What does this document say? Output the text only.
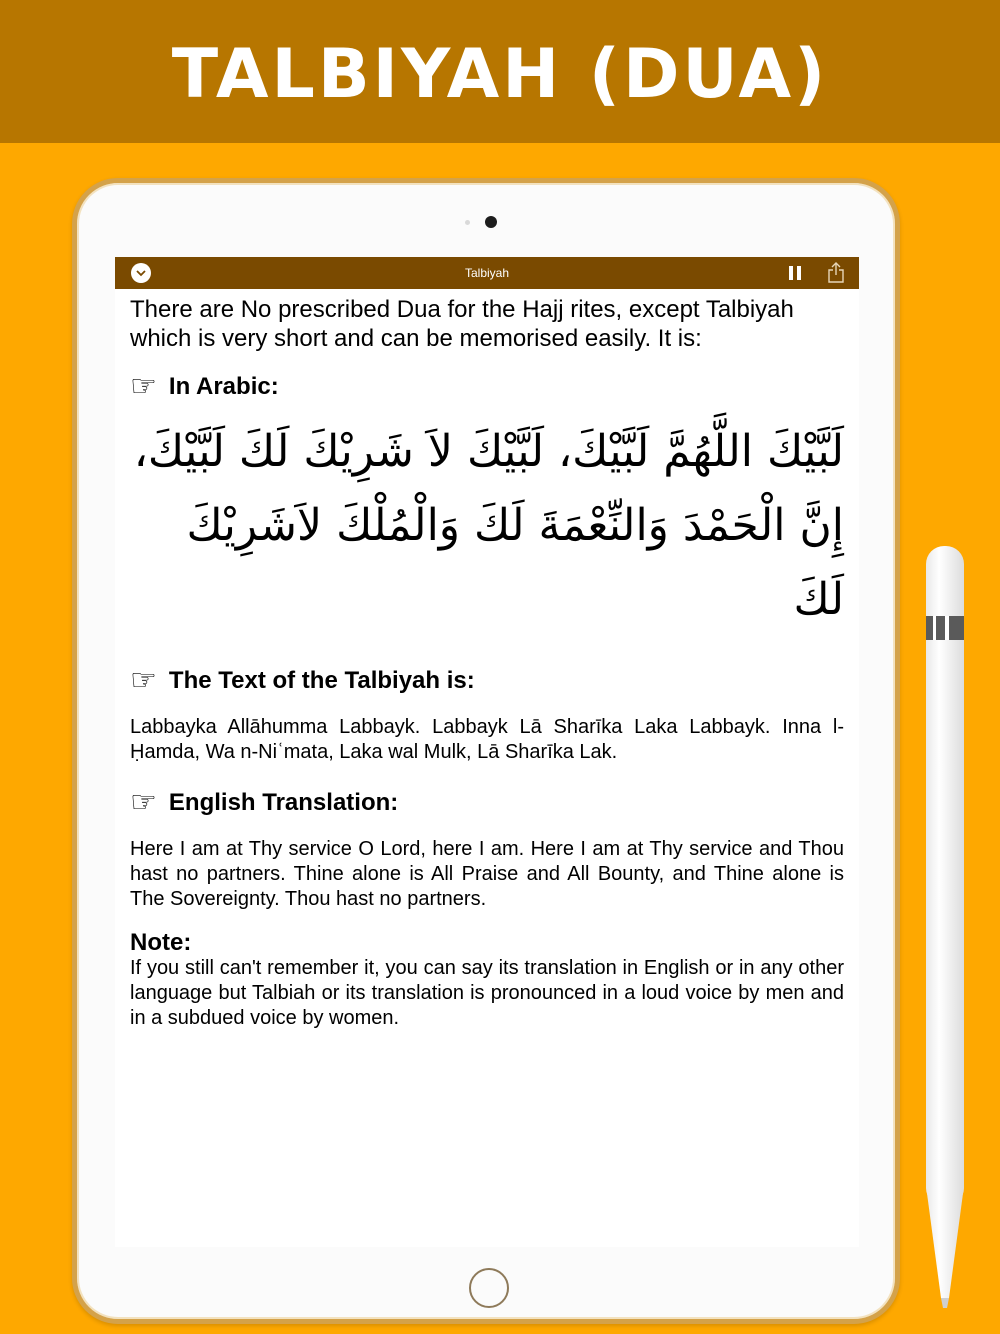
TALBIYAH (DUA)
Talbiyah

There are No prescribed Dua for the Hajj rites, except Talbiyah which is very short and can be memorised easily. It is:

☞ In Arabic:
لَبَّيْكَ اللَّهُمَّ لَبَّيْكَ، لَبَّيْكَ لاَ شَرِيْكَ لَكَ لَبَّيْكَ،
إِنَّ الْحَمْدَ وَالنِّعْمَةَ لَكَ وَالْمُلْكَ لاَشَرِيْكَ لَكَ
☞ The Text of the Talbiyah is:

Labbayka Allāhumma Labbayk. Labbayk Lā Sharīka Laka Labbayk. Inna l-Ḥamda, Wa n-Niʿmata, Laka wal Mulk, Lā Sharīka Lak.

☞ English Translation:

Here I am at Thy service O Lord, here I am. Here I am at Thy service and Thou hast no partners. Thine alone is All Praise and All Bounty, and Thine alone is The Sovereignty. Thou hast no partners.

Note:

If you still can't remember it, you can say its translation in English or in any other language but Talbiah or its translation is pronounced in a loud voice by men and in a subdued voice by women.
